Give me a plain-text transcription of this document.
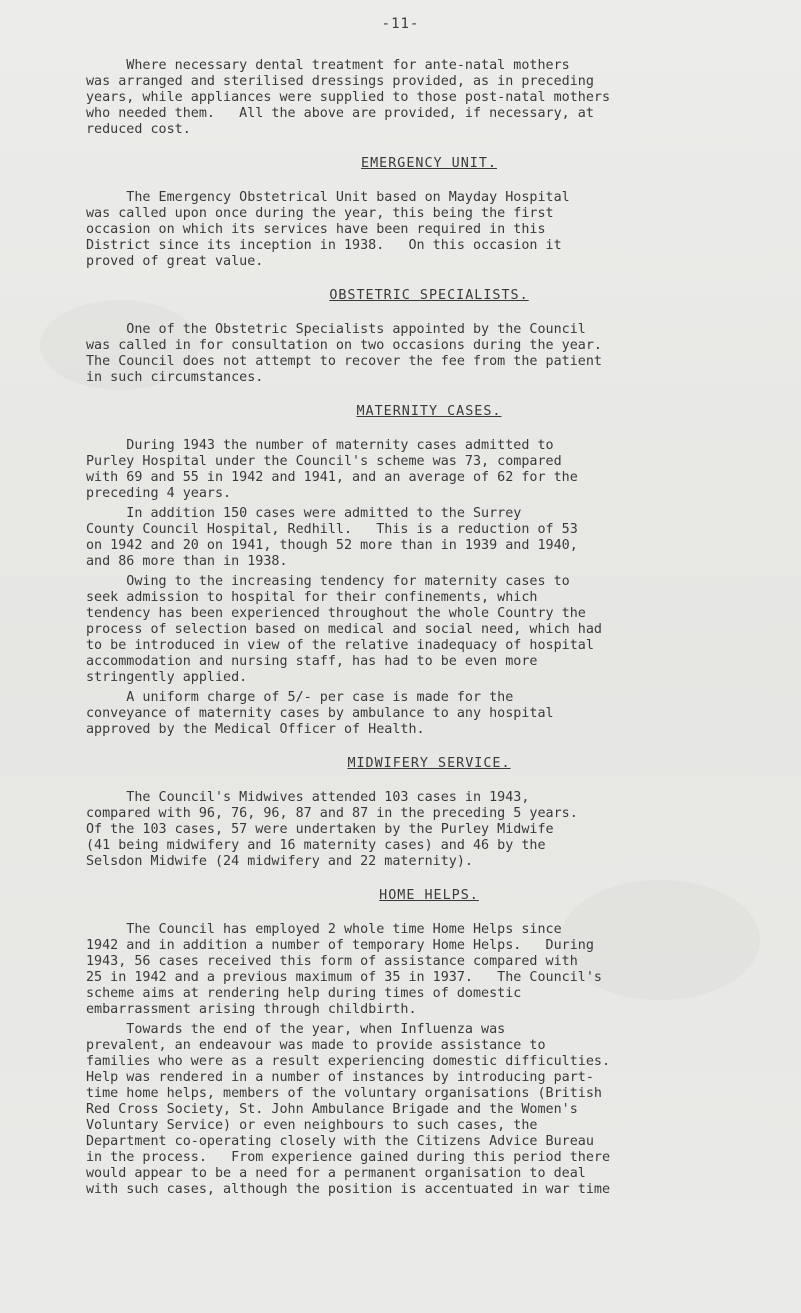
-11-
Where necessary dental treatment for ante-natal mothers
was arranged and sterilised dressings provided, as in preceding
years, while appliances were supplied to those post-natal mothers
who needed them.   All the above are provided, if necessary, at
reduced cost.
EMERGENCY UNIT.
The Emergency Obstetrical Unit based on Mayday Hospital
was called upon once during the year, this being the first
occasion on which its services have been required in this
District since its inception in 1938.   On this occasion it
proved of great value.
OBSTETRIC SPECIALISTS.
One of the Obstetric Specialists appointed by the Council
was called in for consultation on two occasions during the year.
The Council does not attempt to recover the fee from the patient
in such circumstances.
MATERNITY CASES.
During 1943 the number of maternity cases admitted to
Purley Hospital under the Council's scheme was 73, compared
with 69 and 55 in 1942 and 1941, and an average of 62 for the
preceding 4 years.
In addition 150 cases were admitted to the Surrey
County Council Hospital, Redhill.   This is a reduction of 53
on 1942 and 20 on 1941, though 52 more than in 1939 and 1940,
and 86 more than in 1938.
Owing to the increasing tendency for maternity cases to
seek admission to hospital for their confinements, which
tendency has been experienced throughout the whole Country the
process of selection based on medical and social need, which had
to be introduced in view of the relative inadequacy of hospital
accommodation and nursing staff, has had to be even more
stringently applied.
A uniform charge of 5/- per case is made for the
conveyance of maternity cases by ambulance to any hospital
approved by the Medical Officer of Health.
MIDWIFERY SERVICE.
The Council's Midwives attended 103 cases in 1943,
compared with 96, 76, 96, 87 and 87 in the preceding 5 years.
Of the 103 cases, 57 were undertaken by the Purley Midwife
(41 being midwifery and 16 maternity cases) and 46 by the
Selsdon Midwife (24 midwifery and 22 maternity).
HOME HELPS.
The Council has employed 2 whole time Home Helps since
1942 and in addition a number of temporary Home Helps.   During
1943, 56 cases received this form of assistance compared with
25 in 1942 and a previous maximum of 35 in 1937.   The Council's
scheme aims at rendering help during times of domestic
embarrassment arising through childbirth.
Towards the end of the year, when Influenza was
prevalent, an endeavour was made to provide assistance to
families who were as a result experiencing domestic difficulties.
Help was rendered in a number of instances by introducing part-
time home helps, members of the voluntary organisations (British
Red Cross Society, St. John Ambulance Brigade and the Women's
Voluntary Service) or even neighbours to such cases, the
Department co-operating closely with the Citizens Advice Bureau
in the process.   From experience gained during this period there
would appear to be a need for a permanent organisation to deal
with such cases, although the position is accentuated in war time
